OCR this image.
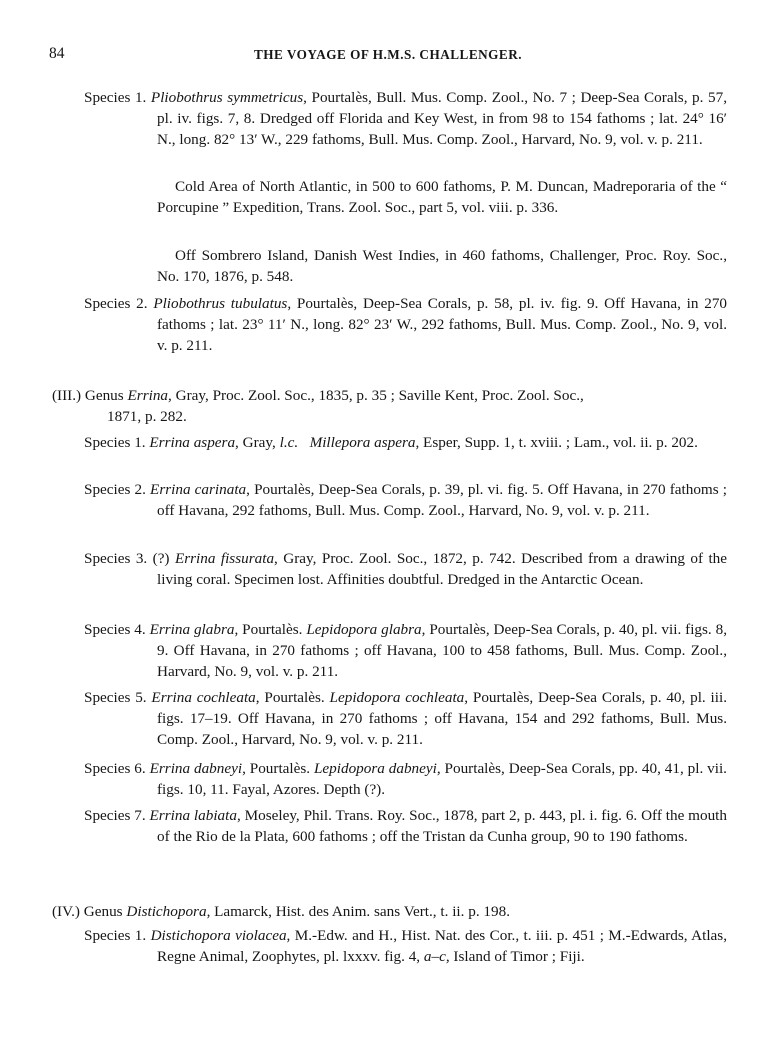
84	THE VOYAGE OF H.M.S. CHALLENGER.
Species 1. Pliobothrus symmetricus, Pourtalès, Bull. Mus. Comp. Zool., No. 7 ; Deep-Sea Corals, p. 57, pl. iv. figs. 7, 8. Dredged off Florida and Key West, in from 98 to 154 fathoms ; lat. 24° 16′ N., long. 82° 13′ W., 229 fathoms, Bull. Mus. Comp. Zool., Harvard, No. 9, vol. v. p. 211.
Cold Area of North Atlantic, in 500 to 600 fathoms, P. M. Duncan, Madreporaria of the “ Porcupine ” Expedition, Trans. Zool. Soc., part 5, vol. viii. p. 336.
Off Sombrero Island, Danish West Indies, in 460 fathoms, Challenger, Proc. Roy. Soc., No. 170, 1876, p. 548.
Species 2. Pliobothrus tubulatus, Pourtalès, Deep-Sea Corals, p. 58, pl. iv. fig. 9. Off Havana, in 270 fathoms ; lat. 23° 11′ N., long. 82° 23′ W., 292 fathoms, Bull. Mus. Comp. Zool., No. 9, vol. v. p. 211.
(III.) Genus Errina, Gray, Proc. Zool. Soc., 1835, p. 35 ; Saville Kent, Proc. Zool. Soc.,
1871, p. 282.
Species 1. Errina aspera, Gray, l.c. Millepora aspera, Esper, Supp. 1, t. xviii. ; Lam., vol. ii. p. 202.
Species 2. Errina carinata, Pourtalès, Deep-Sea Corals, p. 39, pl. vi. fig. 5. Off Havana, in 270 fathoms ; off Havana, 292 fathoms, Bull. Mus. Comp. Zool., Harvard, No. 9, vol. v. p. 211.
Species 3. (?) Errina fissurata, Gray, Proc. Zool. Soc., 1872, p. 742. Described from a drawing of the living coral. Specimen lost. Affinities doubtful. Dredged in the Antarctic Ocean.
Species 4. Errina glabra, Pourtalès. Lepidopora glabra, Pourtalès, Deep-Sea Corals, p. 40, pl. vii. figs. 8, 9. Off Havana, in 270 fathoms ; off Havana, 100 to 458 fathoms, Bull. Mus. Comp. Zool., Harvard, No. 9, vol. v. p. 211.
Species 5. Errina cochleata, Pourtalès. Lepidopora cochleata, Pourtalès, Deep-Sea Corals, p. 40, pl. iii. figs. 17–19. Off Havana, in 270 fathoms ; off Havana, 154 and 292 fathoms, Bull. Mus. Comp. Zool., Harvard, No. 9, vol. v. p. 211.
Species 6. Errina dabneyi, Pourtalès. Lepidopora dabneyi, Pourtalès, Deep-Sea Corals, pp. 40, 41, pl. vii. figs. 10, 11. Fayal, Azores. Depth (?).
Species 7. Errina labiata, Moseley, Phil. Trans. Roy. Soc., 1878, part 2, p. 443, pl. i. fig. 6. Off the mouth of the Rio de la Plata, 600 fathoms ; off the Tristan da Cunha group, 90 to 190 fathoms.
(IV.) Genus Distichopora, Lamarck, Hist. des Anim. sans Vert., t. ii. p. 198.
Species 1. Distichopora violacea, M.-Edw. and H., Hist. Nat. des Cor., t. iii. p. 451 ; M.-Edwards, Atlas, Regne Animal, Zoophytes, pl. lxxxv. fig. 4, a–c, Island of Timor ; Fiji.
